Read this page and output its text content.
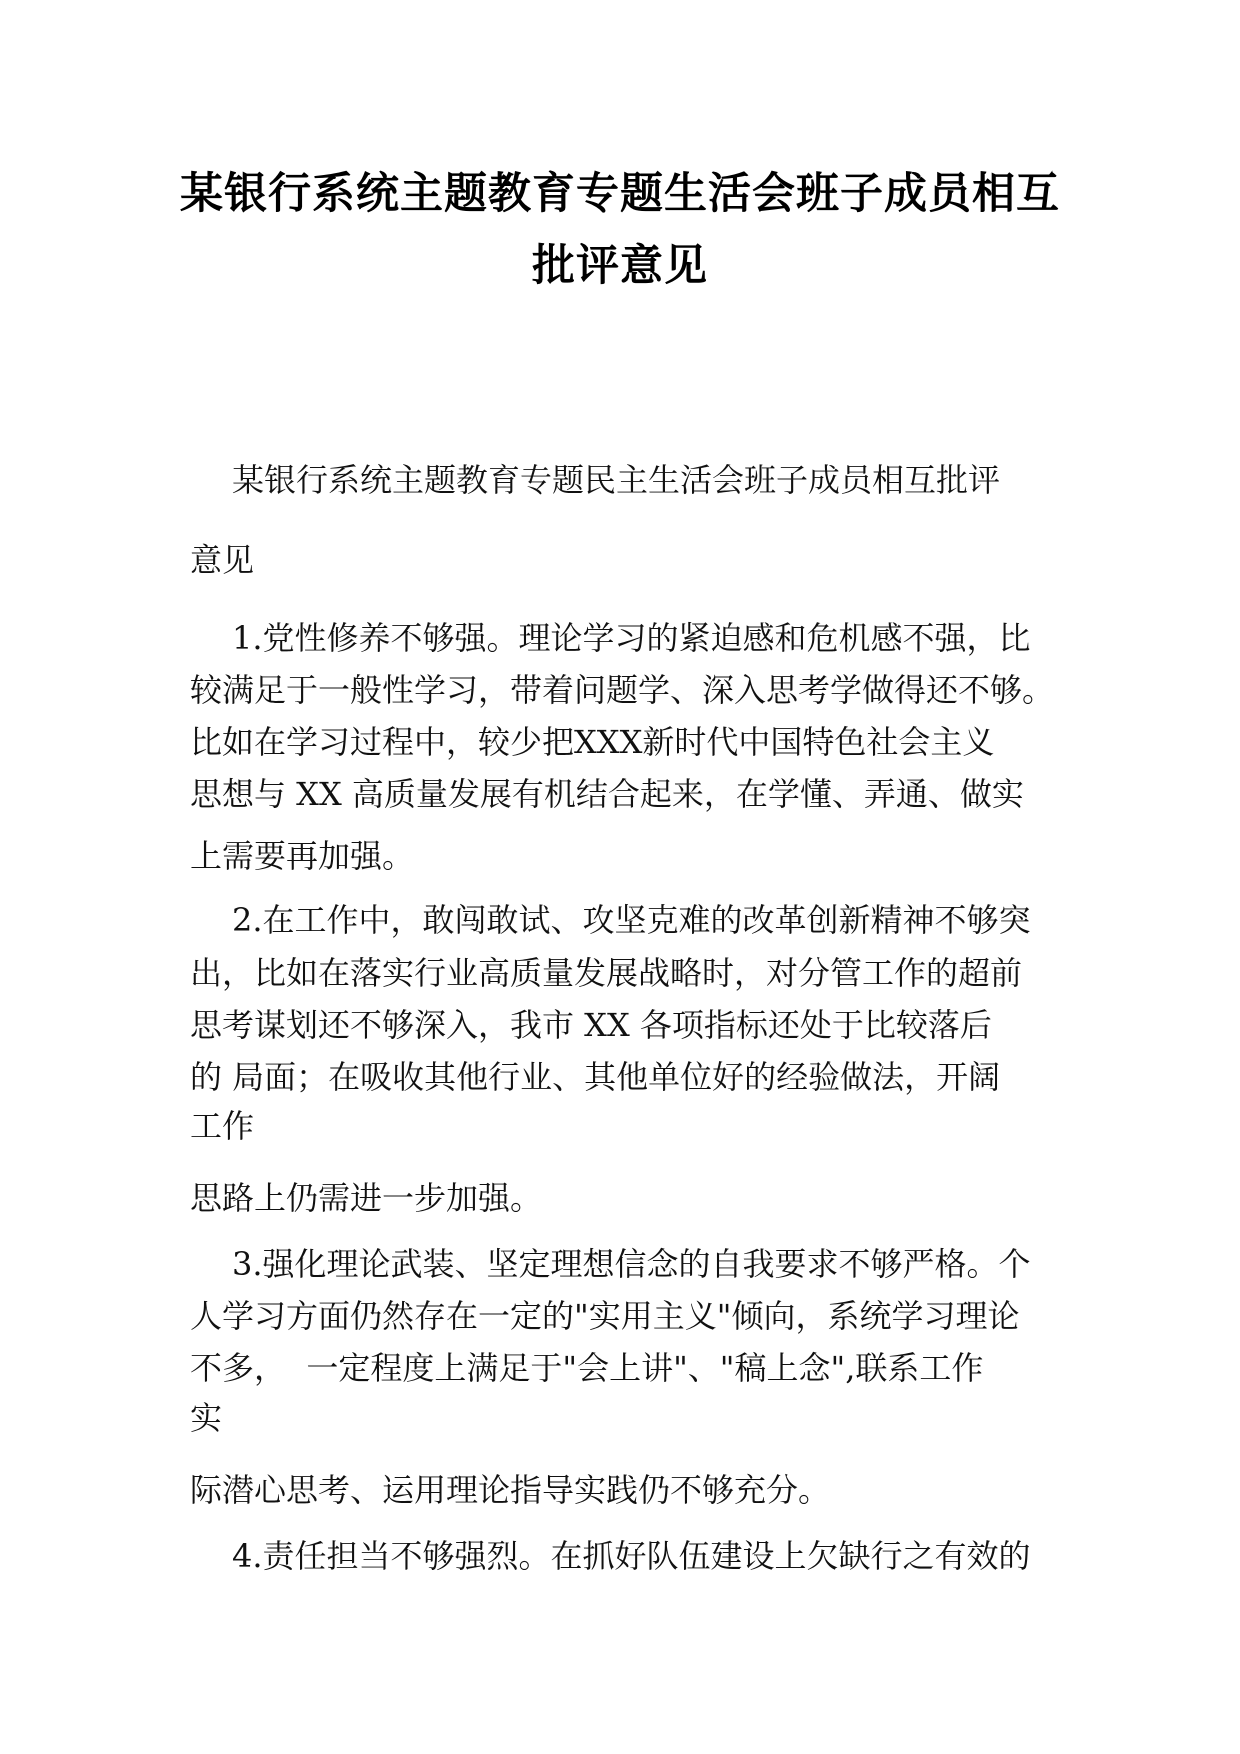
某银行系统主题教育专题生活会班子成员相互
批评意见
某银行系统主题教育专题民主生活会班子成员相互批评
意见
1.党性修养不够强。理论学习的紧迫感和危机感不强，比
较满足于一般性学习，带着问题学、深入思考学做得还不够。
比如在学习过程中，较少把XXX新时代中国特色社会主义
思想与 XX 高质量发展有机结合起来，在学懂、弄通、做实
上需要再加强。
2.在工作中，敢闯敢试、攻坚克难的改革创新精神不够突
出，比如在落实行业高质量发展战略时，对分管工作的超前
思考谋划还不够深入，我市 XX 各项指标还处于比较落后
的 局面；在吸收其他行业、其他单位好的经验做法，开阔
工作
思路上仍需进一步加强。
3.强化理论武装、坚定理想信念的自我要求不够严格。个
人学习方面仍然存在一定的"实用主义"倾向，系统学习理论
不多，  一定程度上满足于"会上讲"、"稿上念",联系工作
实
际潜心思考、运用理论指导实践仍不够充分。
4.责任担当不够强烈。在抓好队伍建设上欠缺行之有效的
